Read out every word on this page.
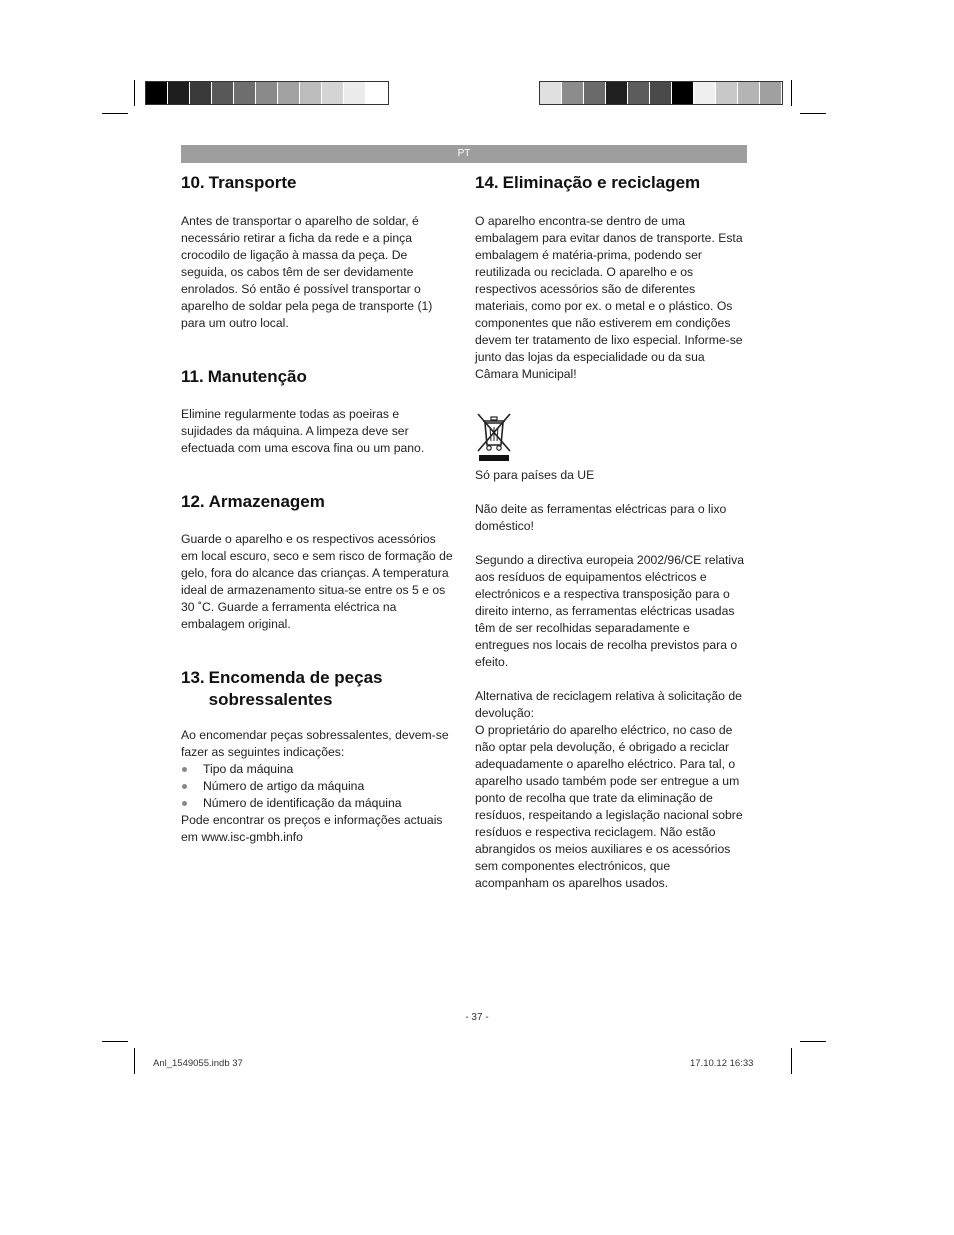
PT
10. Transporte

Antes de transportar o aparelho de soldar, é necessário retirar a ficha da rede e a pinça crocodilo de ligação à massa da peça. De seguida, os cabos têm de ser devidamente enrolados. Só então é possível transportar o aparelho de soldar pela pega de transporte (1) para um outro local.

11. Manutenção

Elimine regularmente todas as poeiras e sujidades da máquina. A limpeza deve ser efectuada com uma escova fina ou um pano.

12. Armazenagem

Guarde o aparelho e os respectivos acessórios em local escuro, seco e sem risco de formação de gelo, fora do alcance das crianças. A temperatura ideal de armazenamento situa-se entre os 5 e os 30 ˚C. Guarde a ferramenta eléctrica na embalagem original.

13. Encomenda de peças sobressalentes

Ao encomendar peças sobressalentes, devem-se fazer as seguintes indicações:

Tipo da máquina
Número de artigo da máquina
Número de identificação da máquina

Pode encontrar os preços e informações actuais em www.isc-gmbh.info

14. Eliminação e reciclagem

O aparelho encontra-se dentro de uma embalagem para evitar danos de transporte. Esta embalagem é matéria-prima, podendo ser reutilizada ou reciclada. O aparelho e os respectivos acessórios são de diferentes materiais, como por ex. o metal e o plástico. Os componentes que não estiverem em condições devem ter tratamento de lixo especial. Informe-se junto das lojas da especialidade ou da sua Câmara Municipal!

Só para países da UE

Não deite as ferramentas eléctricas para o lixo doméstico!

Segundo a directiva europeia 2002/96/CE relativa aos resíduos de equipamentos eléctricos e electrónicos e a respectiva transposição para o direito interno, as ferramentas eléctricas usadas têm de ser recolhidas separadamente e entregues nos locais de recolha previstos para o efeito.

Alternativa de reciclagem relativa à solicitação de devolução:

O proprietário do aparelho eléctrico, no caso de não optar pela devolução, é obrigado a reciclar adequadamente o aparelho eléctrico. Para tal, o aparelho usado também pode ser entregue a um ponto de recolha que trate da eliminação de resíduos, respeitando a legislação nacional sobre resíduos e respectiva reciclagem. Não estão abrangidos os meios auxiliares e os acessórios sem componentes electrónicos, que acompanham os aparelhos usados.

- 37 -
Anl_1549055.indb 37	17.10.12 16:33
